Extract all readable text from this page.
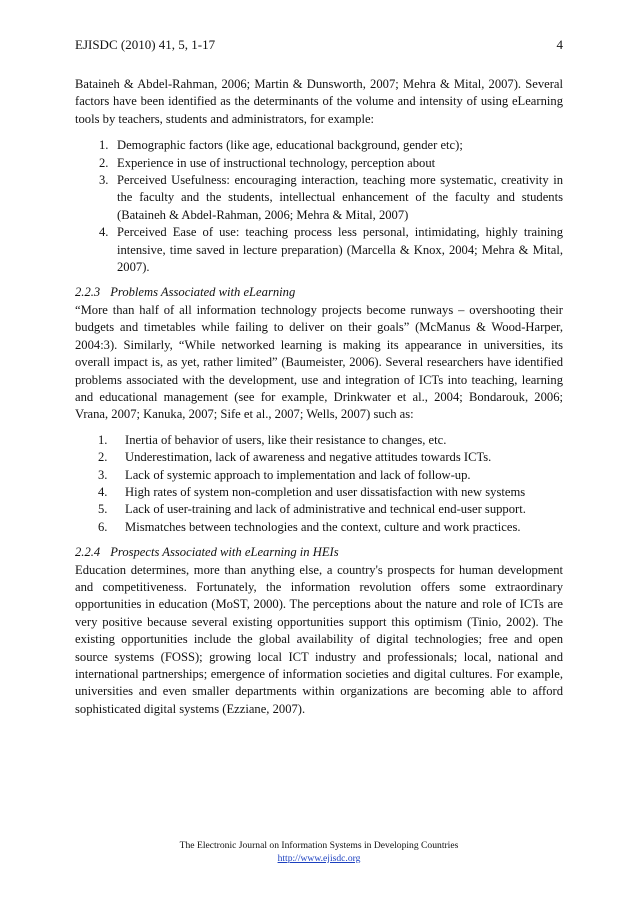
EJISDC (2010) 41, 5, 1-17	4

Bataineh & Abdel-Rahman, 2006; Martin & Dunsworth, 2007; Mehra & Mital, 2007). Several factors have been identified as the determinants of the volume and intensity of using eLearning tools by teachers, students and administrators, for example:

1. Demographic factors (like age, educational background, gender etc);
2. Experience in use of instructional technology, perception about
3. Perceived Usefulness: encouraging interaction, teaching more systematic, creativity in the faculty and the students, intellectual enhancement of the faculty and students (Bataineh & Abdel-Rahman, 2006; Mehra & Mital, 2007)
4. Perceived Ease of use: teaching process less personal, intimidating, highly training intensive, time saved in lecture preparation) (Marcella & Knox, 2004; Mehra & Mital, 2007).
2.2.3 Problems Associated with eLearning

“More than half of all information technology projects become runways – overshooting their budgets and timetables while failing to deliver on their goals” (McManus & Wood-Harper, 2004:3). Similarly, “While networked learning is making its appearance in universities, its overall impact is, as yet, rather limited” (Baumeister, 2006). Several researchers have identified problems associated with the development, use and integration of ICTs into teaching, learning and educational management (see for example, Drinkwater et al., 2004; Bondarouk, 2006; Vrana, 2007; Kanuka, 2007; Sife et al., 2007; Wells, 2007) such as:

1. Inertia of behavior of users, like their resistance to changes, etc.
2. Underestimation, lack of awareness and negative attitudes towards ICTs.
3. Lack of systemic approach to implementation and lack of follow-up.
4. High rates of system non-completion and user dissatisfaction with new systems
5. Lack of user-training and lack of administrative and technical end-user support.
6. Mismatches between technologies and the context, culture and work practices.
2.2.4 Prospects Associated with eLearning in HEIs

Education determines, more than anything else, a country's prospects for human development and competitiveness. Fortunately, the information revolution offers some extraordinary opportunities in education (MoST, 2000). The perceptions about the nature and role of ICTs are very positive because several existing opportunities support this optimism (Tinio, 2002). The existing opportunities include the global availability of digital technologies; free and open source systems (FOSS); growing local ICT industry and professionals; local, national and international partnerships; emergence of information societies and digital cultures. For example, universities and even smaller departments within organizations are becoming able to afford sophisticated digital systems (Ezziane, 2007).

The Electronic Journal on Information Systems in Developing Countries
http://www.ejisdc.org
